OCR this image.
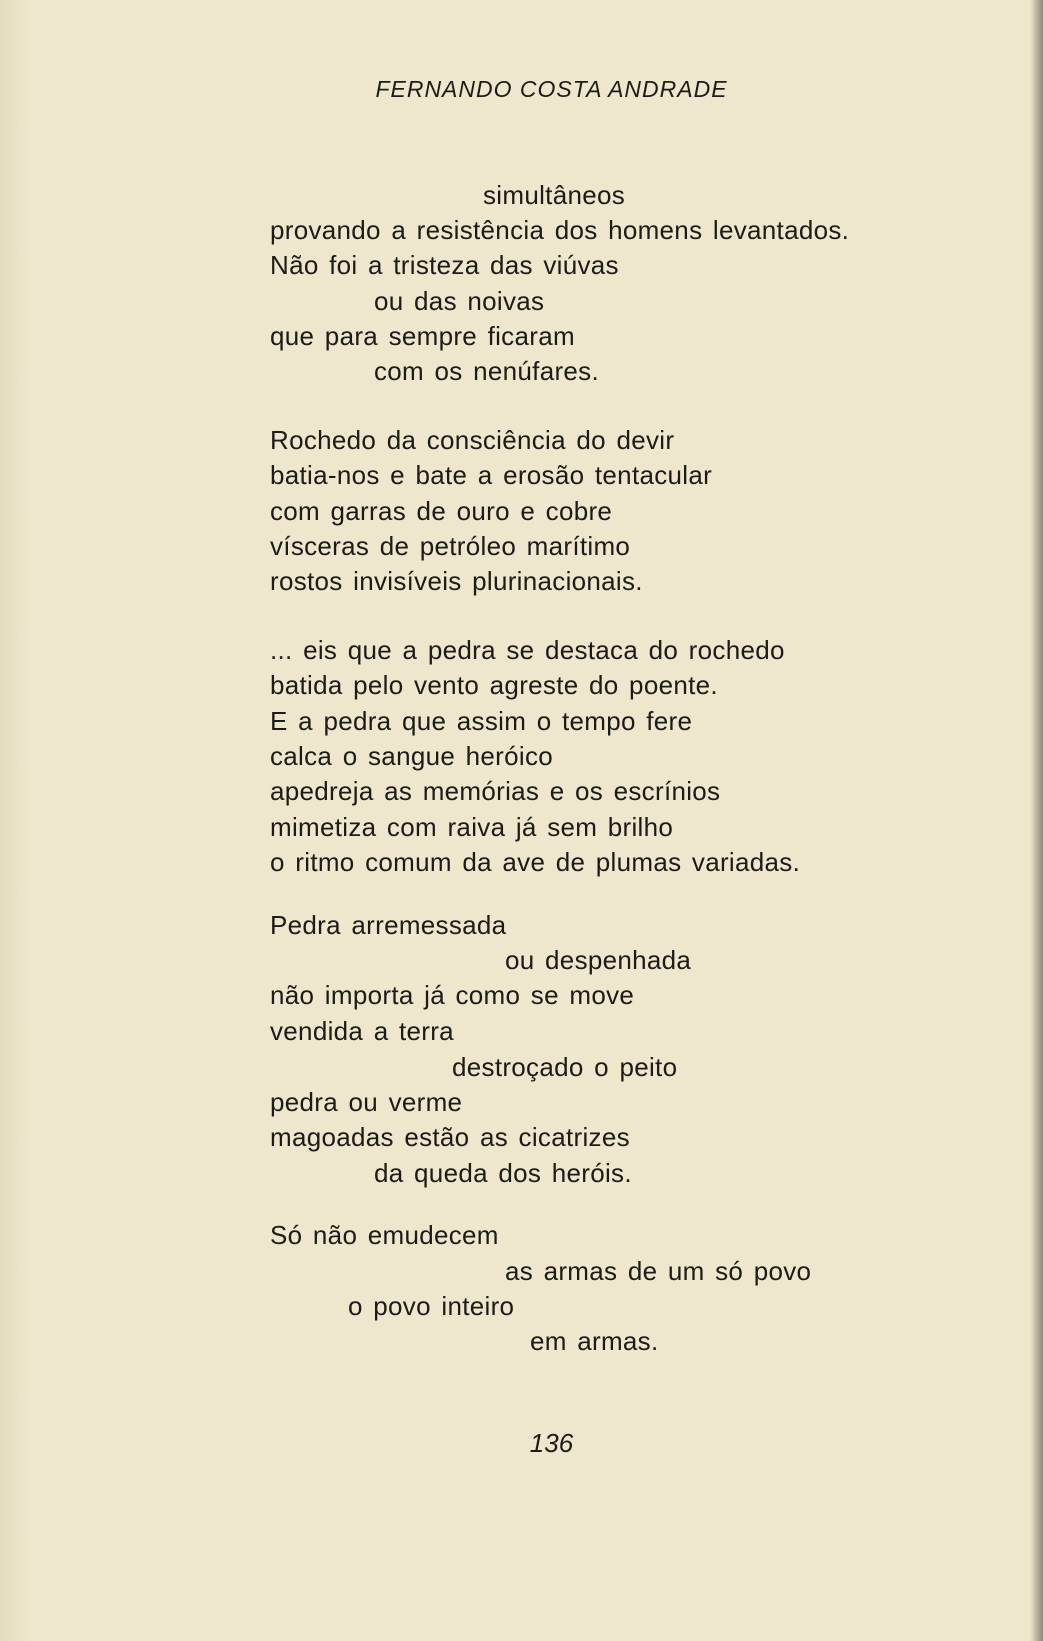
FERNANDO COSTA ANDRADE
simultâneos
provando a resistência dos homens levantados.
Não foi a tristeza das viúvas
ou das noivas
que para sempre ficaram
com os nenúfares.
Rochedo da consciência do devir
batia-nos e bate a erosão tentacular
com garras de ouro e cobre
vísceras de petróleo marítimo
rostos invisíveis plurinacionais.
... eis que a pedra se destaca do rochedo
batida pelo vento agreste do poente.
E a pedra que assim o tempo fere
calca o sangue heróico
apedreja as memórias e os escrínios
mimetiza com raiva já sem brilho
o ritmo comum da ave de plumas variadas.
Pedra arremessada
ou despenhada
não importa já como se move
vendida a terra
destroçado o peito
pedra ou verme
magoadas estão as cicatrizes
da queda dos heróis.
Só não emudecem
as armas de um só povo
o povo inteiro
em armas.
136
